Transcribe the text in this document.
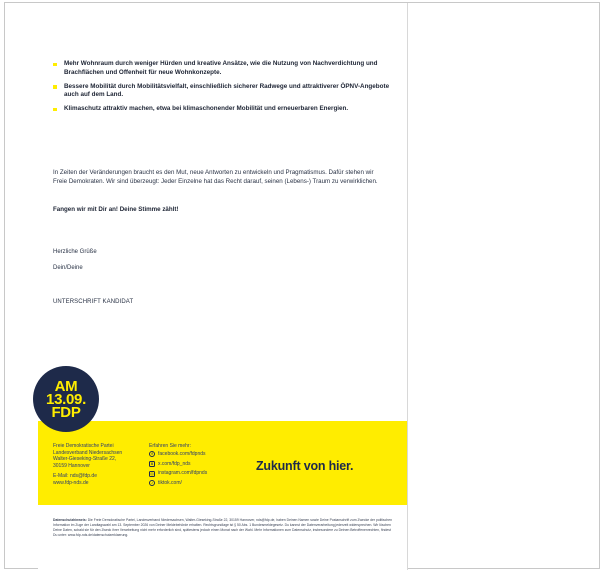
Mehr Wohnraum durch weniger Hürden und kreative Ansätze, wie die Nutzung von Nachverdichtung und Brachflächen und Offenheit für neue Wohnkonzepte.
Bessere Mobilität durch Mobilitätsvielfalt, einschließlich sicherer Radwege und attraktiverer ÖPNV-Angebote auch auf dem Land.
Klimaschutz attraktiv machen, etwa bei klimaschonender Mobilität und erneuerbaren Energien.

In Zeiten der Veränderungen braucht es den Mut, neue Antworten zu entwickeln und Pragmatismus. Dafür stehen wir Freie Demokraten. Wir sind überzeugt: Jeder Einzelne hat das Recht darauf, seinen (Lebens-) Traum zu verwirklichen.

Fangen wir mit Dir an! Deine Stimme zählt!

Herzliche Grüße
Dein/Deine
UNTERSCHRIFT KANDIDAT
Freie Demokratische Partei
Landesverband Niedersachsen
Walter-Gieseking-Straße 22,
30159 Hannover
E-Mail: nds@fdp.de
www.fdp-nds.de
Erfahren Sie mehr:
f	facebook.com/fdpnds
X x.com/fdp_nds
◎ instagram.com/fdpnds
♪	tiktok.com/
Zukunft von hier.
Datenschutzhinweis: Die Freie Demokratische Partei, Landesverband Niedersachsen, Walter-Gieseking-Straße 22, 30159 Hannover, nds@fdp.de, haben Deinen Namen sowie Deine Postanschrift zum Zwecke der politischen Information im Zuge der Landtagswahl am 13. September 2026 von Deiner Meldebehörde erhalten. Rechtsgrundlage ist § 50 Abs. 1 Bundesmeldegesetz. Du kannst der Datenverarbeitung jederzeit widersprechen. Wir löschen Deine Daten, sobald sie für den Zweck ihrer Verarbeitung nicht mehr erforderlich sind, spätestens jedoch einen Monat nach der Wahl. Mehr Informationen zum Datenschutz, insbesondere zu Deinen Betroffenenrechten, findest Du unter: www.fdp-nds.de/datenschutzerklaerung.
AM
13.09.
FDP
